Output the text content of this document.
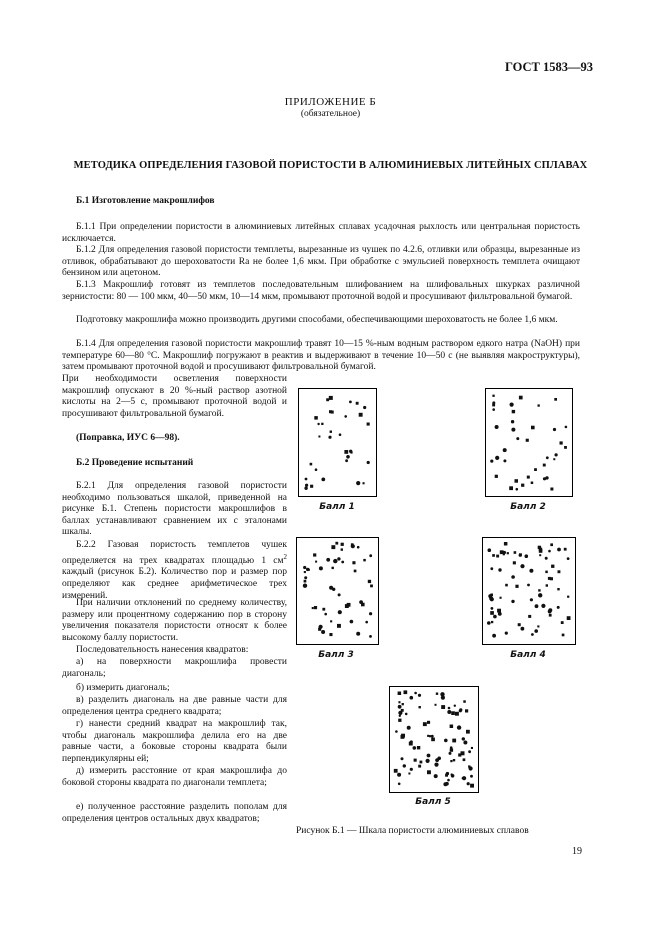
ГОСТ 1583—93
ПРИЛОЖЕНИЕ Б
(обязательное)
МЕТОДИКА ОПРЕДЕЛЕНИЯ ГАЗОВОЙ ПОРИСТОСТИ В АЛЮМИНИЕВЫХ ЛИТЕЙНЫХ СПЛАВАХ
Б.1 Изготовление макрошлифов
Б.1.1 При определении пористости в алюминиевых литейных сплавах усадочная рыхлость или центральная пористость исключается.
Б.1.2 Для определения газовой пористости темплеты, вырезанные из чушек по 4.2.6, отливки или образцы, вырезанные из отливок, обрабатывают до шероховатости Ra не более 1,6 мкм. При обработке с эмульсией поверхность темплета очищают бензином или ацетоном.
Б.1.3 Макрошлиф готовят из темплетов последовательным шлифованием на шлифовальных шкурках различной зернистости: 80 — 100 мкм, 40—50 мкм, 10—14 мкм, промывают проточной водой и просушивают фильтровальной бумагой.
Подготовку макрошлифа можно производить другими способами, обеспечивающими шероховатость не более 1,6 мкм.
Б.1.4 Для определения газовой пористости макрошлиф травят 10—15 %-ным водным раствором едкого натра (NaOH) при температуре 60—80 °С. Макрошлиф погружают в реактив и выдерживают в течение 10—50 с (не выявляя макроструктуры), затем промывают проточной водой и просушивают фильтровальной бумагой.
При необходимости осветления поверхности макрошлиф опускают в 20 %-ный раствор азотной кислоты на 2—5 с, промывают проточной водой и просушивают фильтровальной бумагой.
(Поправка, ИУС 6—98).
Б.2 Проведение испытаний
Б.2.1 Для определения газовой пористости необходимо пользоваться шкалой, приведенной на рисунке Б.1. Степень пористости макрошлифов в баллах устанавливают сравнением их с эталонами шкалы.
Б.2.2 Газовая пористость темплетов чушек определяется на трех квадратах площадью 1 $см^2$ каждый (рисунок Б.2). Количество пор и размер пор определяют как среднее арифметическое трех измерений.
При наличии отклонений по среднему количеству, размеру или процентному содержанию пор в сторону увеличения показателя пористости относят к более высокому баллу пористости.
Последовательность нанесения квадратов:
а) на поверхности макрошлифа провести диагональ;
б) измерить диагональ;
в) разделить диагональ на две равные части для определения центра среднего квадрата;
г) нанести средний квадрат на макрошлиф так, чтобы диагональ макрошлифа делила его на две равные части, а боковые стороны квадрата были перпендикулярны ей;
д) измерить расстояние от края макрошлифа до боковой стороны квадрата по диагонали темплета;
е) полученное расстояние разделить пополам для определения центров остальных двух квадратов;
Балл 1	Балл 2
Балл 3	Балл 4
Балл 5
Рисунок Б.1 — Шкала пористости алюминиевых сплавов
19
